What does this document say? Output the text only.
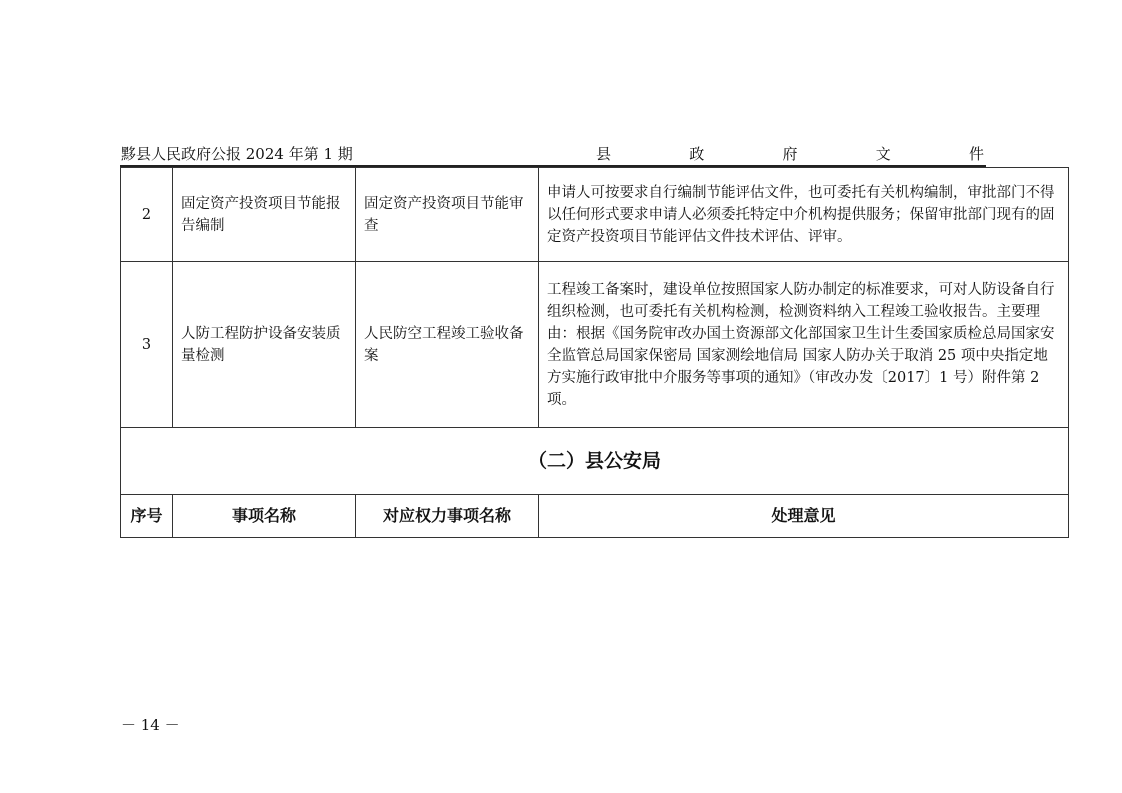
黟县人民政府公报 2024 年第 1 期	县	政	府	文	件
2	固定资产投资项目节能报告编制	固定资产投资项目节能审查	申请人可按要求自行编制节能评估文件，也可委托有关机构编制，审批部门不得以任何形式要求申请人必须委托特定中介机构提供服务；保留审批部门现有的固定资产投资项目节能评估文件技术评估、评审。
3	人防工程防护设备安装质量检测	人民防空工程竣工验收备案	工程竣工备案时，建设单位按照国家人防办制定的标准要求，可对人防设备自行组织检测，也可委托有关机构检测，检测资料纳入工程竣工验收报告。主要理由：根据《国务院审改办国土资源部文化部国家卫生计生委国家质检总局国家安全监管总局国家保密局 国家测绘地信局 国家人防办关于取消 25 项中央指定地方实施行政审批中介服务等事项的通知》（审改办发〔2017〕1 号）附件第 2 项。
（二）县公安局			
序号	事项名称	对应权力事项名称	处理意见
－ 14 －
